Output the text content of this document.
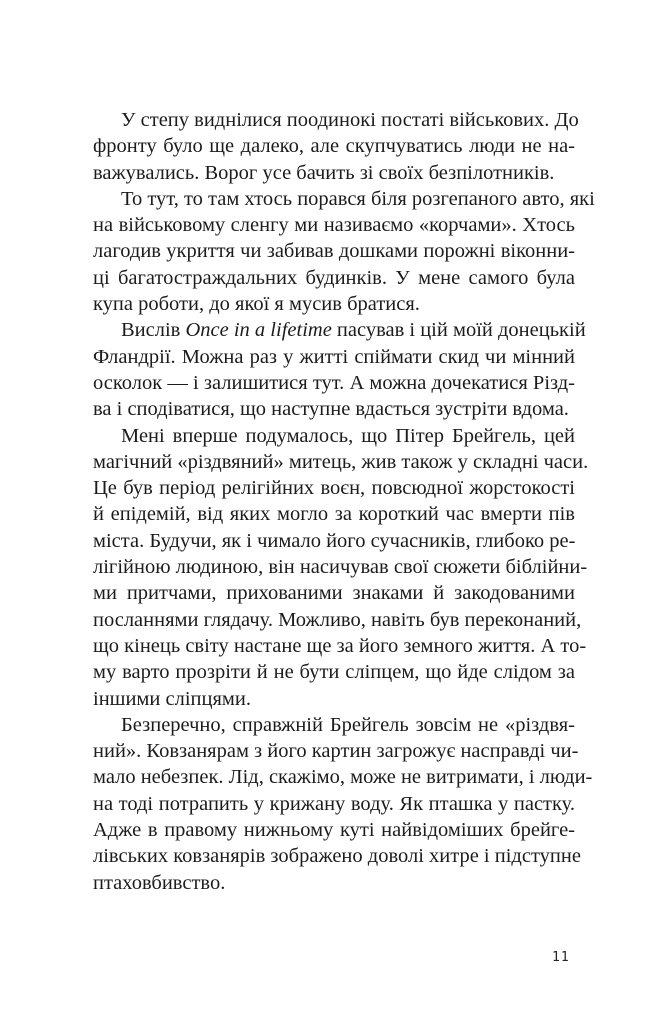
У степу виднілися поодинокі постаті військових. До
фронту було ще далеко, але скупчуватись люди не на-
важувались. Ворог усе бачить зі своїх безпілотників.
То тут, то там хтось порався біля розгепаного авто, які
на військовому сленгу ми називаємо «корчами». Хтось
лагодив укриття чи забивав дошками порожні віконни-
ці багатостраждальних будинків. У мене самого була
купа роботи, до якої я мусив братися.
Вислів Once in a lifetime пасував і цій моїй донецькій
Фландрії. Можна раз у житті спіймати скид чи мінний
осколок — і залишитися тут. А можна дочекатися Різд-
ва і сподіватися, що наступне вдасться зустріти вдома.
Мені вперше подумалось, що Пітер Брейгель, цей
магічний «різдвяний» митець, жив також у складні часи.
Це був період релігійних воєн, повсюдної жорстокості
й епідемій, від яких могло за короткий час вмерти пів
міста. Будучи, як і чимало його сучасників, глибоко ре-
лігійною людиною, він насичував свої сюжети біблійни-
ми притчами, прихованими знаками й закодованими
посланнями глядачу. Можливо, навіть був переконаний,
що кінець світу настане ще за його земного життя. А то-
му варто прозріти й не бути сліпцем, що йде слідом за
іншими сліпцями.
Безперечно, справжній Брейгель зовсім не «різдвя-
ний». Ковзанярам з його картин загрожує насправді чи-
мало небезпек. Лід, скажімо, може не витримати, і люди-
на тоді потрапить у крижану воду. Як пташка у пастку.
Адже в правому нижньому куті найвідоміших брейге-
лівських ковзанярів зображено доволі хитре і підступне
птаховбивство.
11
